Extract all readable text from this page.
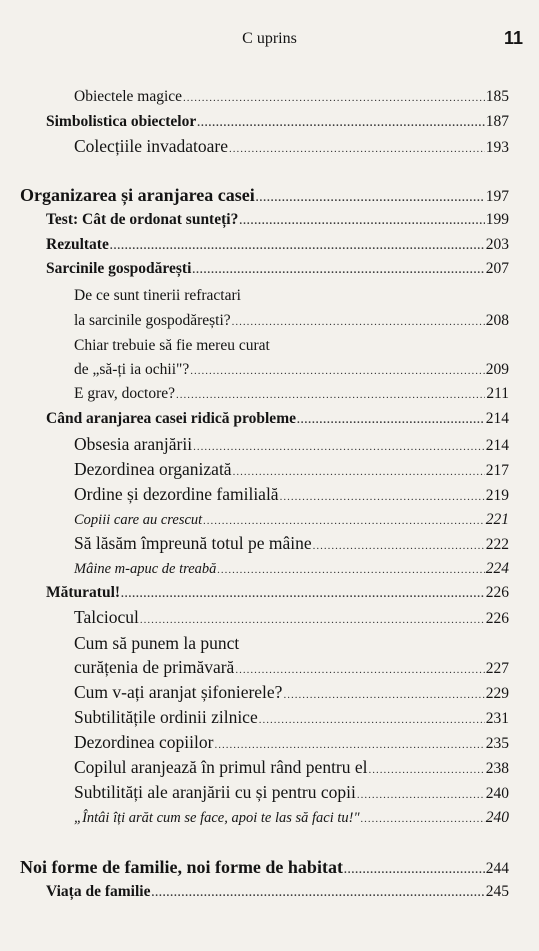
C uprins	11
Obiectele magice .....	185
Simbolistica obiectelor .....	187
Colecțiile invadatoare .....	193
Organizarea și aranjarea casei .....	197
Test: Cât de ordonat sunteți? .....	199
Rezultate .....	203
Sarcinile gospodărești .....	207
De ce sunt tinerii refractari
la sarcinile gospodărești? .....	208
Chiar trebuie să fie mereu curat
de „să-ți ia ochii"? .....	209
E grav, doctore? .....	211
Când aranjarea casei ridică probleme .....	214
Obsesia aranjării .....	214
Dezordinea organizată .....	217
Ordine și dezordine familială .....	219
Copiii care au crescut .....	221
Să lăsăm împreună totul pe mâine .....	222
Mâine m-apuc de treabă .....	224
Măturatul! .....	226
Talciocul .....	226
Cum să punem la punct
curățenia de primăvară .....	227
Cum v-ați aranjat șifonierele? .....	229
Subtilitățile ordinii zilnice .....	231
Dezordinea copiilor .....	235
Copilul aranjează în primul rând pentru el .....	238
Subtilități ale aranjării cu și pentru copii .....	240
„Întâi îți arăt cum se face, apoi te las să faci tu!" .....	240
Noi forme de familie, noi forme de habitat .....	244
Viața de familie .....	245
